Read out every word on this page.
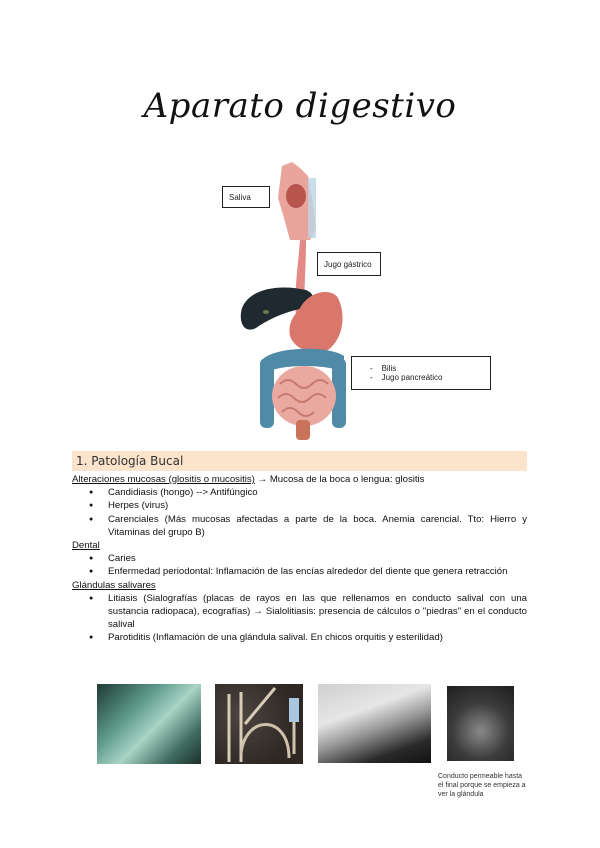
Aparato digestivo
Saliva
Jugo gástrico
-    Bilis
-    Jugo pancreático
1. Patología Bucal
Alteraciones mucosas (glositis o mucositis) → Mucosa de la boca o lengua: glositis
● Candidiasis (hongo) --> Antifúngico
● Herpes (virus)
● Carenciales (Más mucosas afectadas a parte de la boca. Anemia carencial. Tto: Hierro y Vitaminas del grupo B)
Dental
● Caries
● Enfermedad periodontal: Inflamación de las encías alrededor del diente que genera retracción
Glándulas salivares
● Litiasis (Sialografías (placas de rayos en las que rellenamos en conducto salival con una sustancia radiopaca), ecografías) → Sialolitiasis: presencia de cálculos o "piedras" en el conducto salival
● Parotiditis (Inflamación de una glándula salival. En chicos orquitis y esterilidad)
Conducto permeable hasta el final porque se empieza a ver la glándula
